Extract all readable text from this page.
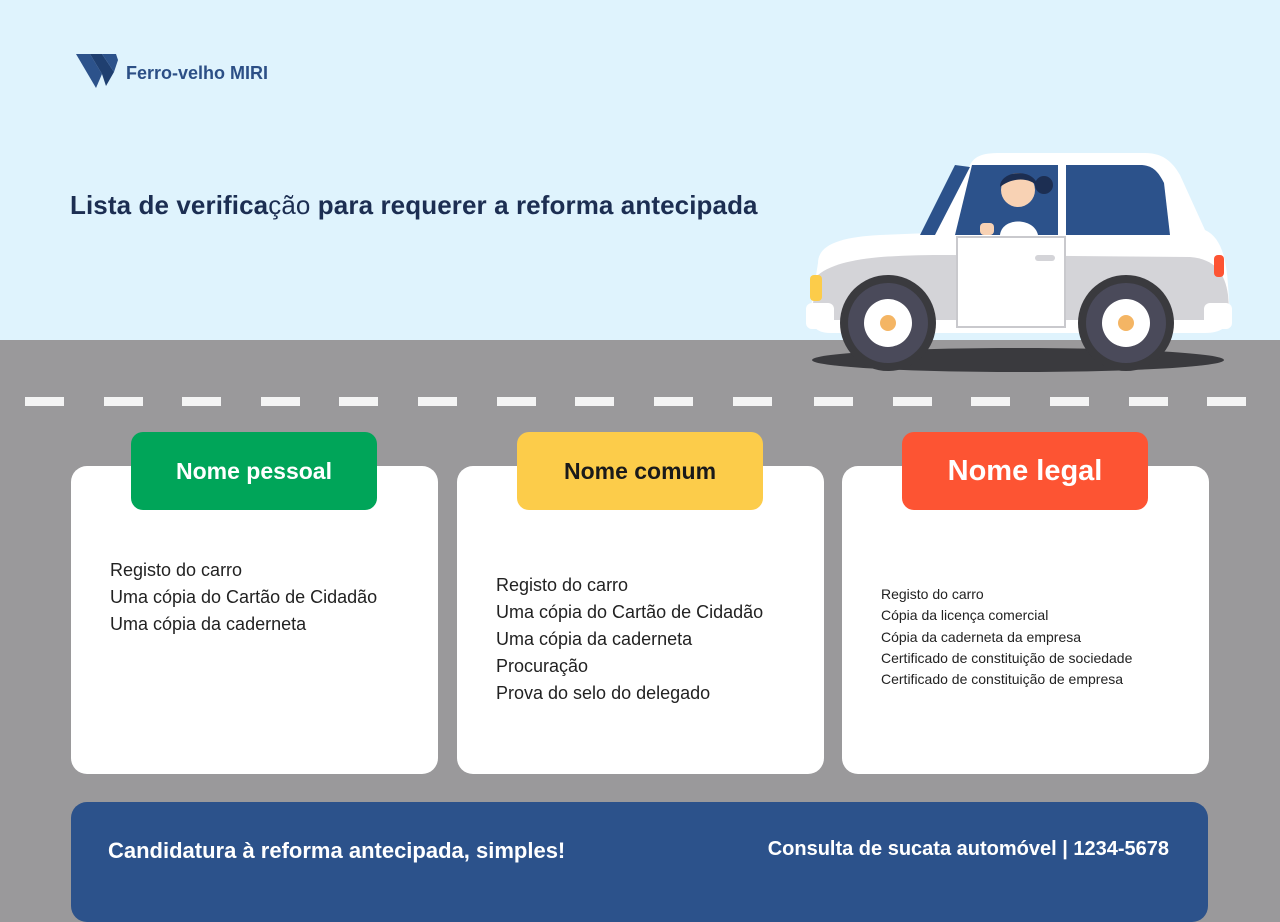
Ferro-velho MIRI
Lista de verificação para requerer a reforma antecipada
Nome pessoal	Nome comum	Nome legal
Registo do carro
Uma cópia do Cartão de Cidadão
Uma cópia da caderneta
Registo do carro
Uma cópia do Cartão de Cidadão
Uma cópia da caderneta
Procuração
Prova do selo do delegado
Registo do carro
Cópia da licença comercial
Cópia da caderneta da empresa
Certificado de constituição de sociedade
Certificado de constituição de empresa
Candidatura à reforma antecipada, simples!	Consulta de sucata automóvel | 1234-5678
